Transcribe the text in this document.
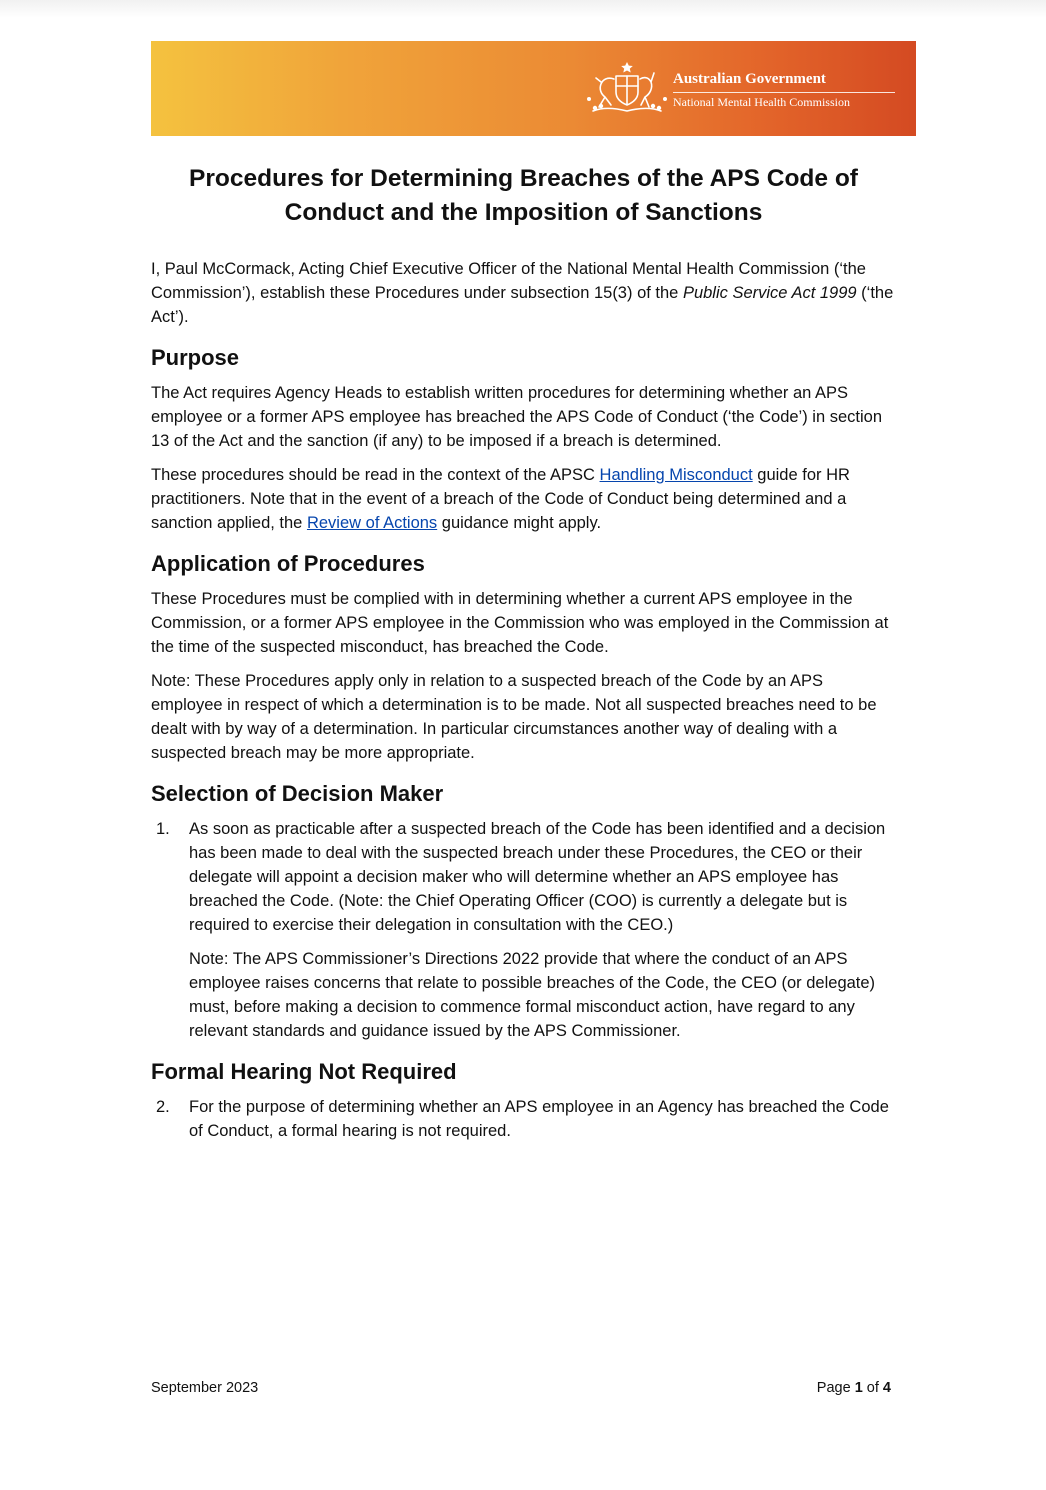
Australian Government
National Mental Health Commission
Procedures for Determining Breaches of the APS Code of Conduct and the Imposition of Sanctions

I, Paul McCormack, Acting Chief Executive Officer of the National Mental Health Commission (‘the Commission’), establish these Procedures under subsection 15(3) of the Public Service Act 1999 (‘the Act’).

Purpose

The Act requires Agency Heads to establish written procedures for determining whether an APS employee or a former APS employee has breached the APS Code of Conduct (‘the Code’) in section 13 of the Act and the sanction (if any) to be imposed if a breach is determined.

These procedures should be read in the context of the APSC Handling Misconduct guide for HR practitioners. Note that in the event of a breach of the Code of Conduct being determined and a sanction applied, the Review of Actions guidance might apply.

Application of Procedures

These Procedures must be complied with in determining whether a current APS employee in the Commission, or a former APS employee in the Commission who was employed in the Commission at the time of the suspected misconduct, has breached the Code.

Note: These Procedures apply only in relation to a suspected breach of the Code by an APS employee in respect of which a determination is to be made. Not all suspected breaches need to be dealt with by way of a determination. In particular circumstances another way of dealing with a suspected breach may be more appropriate.

Selection of Decision Maker
1. As soon as practicable after a suspected breach of the Code has been identified and a decision has been made to deal with the suspected breach under these Procedures, the CEO or their delegate will appoint a decision maker who will determine whether an APS employee has breached the Code. (Note: the Chief Operating Officer (COO) is currently a delegate but is required to exercise their delegation in consultation with the CEO.)

Note: The APS Commissioner’s Directions 2022 provide that where the conduct of an APS employee raises concerns that relate to possible breaches of the Code, the CEO (or delegate) must, before making a decision to commence formal misconduct action, have regard to any relevant standards and guidance issued by the APS Commissioner.

Formal Hearing Not Required
2. For the purpose of determining whether an APS employee in an Agency has breached the Code of Conduct, a formal hearing is not required.

September 2023	Page 1 of 4
